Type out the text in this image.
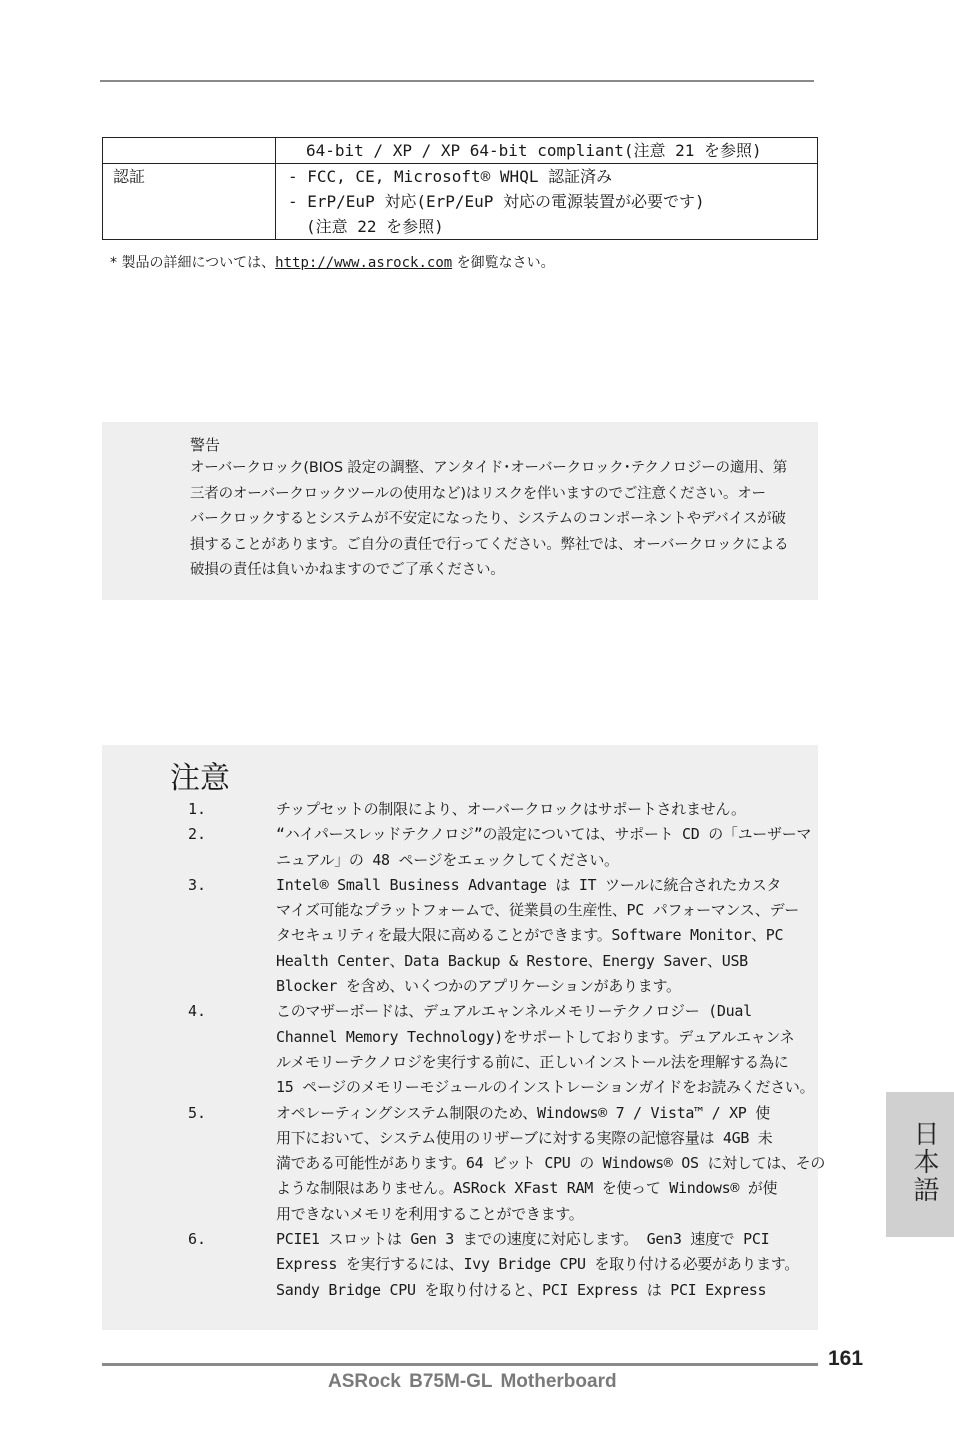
	64-bit / XP / XP 64-bit compliant(注意 21 を参照)

認証	- FCC, CE, Microsoft® WHQL 認証済み
- ErP/EuP 対応(ErP/EuP 対応の電源装置が必要です)
(注意 22 を参照)
* 製品の詳細については、http://www.asrock.com を御覧なさい。
警告
オーバークロック(BIOS 設定の調整、アンタイド･オーバークロック･テクノロジーの適用、第
三者のオーバークロックツールの使用など)はリスクを伴いますのでご注意ください。オー
バークロックするとシステムが不安定になったり、システムのコンポーネントやデバイスが破
損することがあります。ご自分の責任で行ってください。弊社では、オーバークロックによる
破損の責任は負いかねますのでご了承ください。
注意
1.	チップセットの制限により、オーバークロックはサポートされません。
2.	“ハイパースレッドテクノロジ”の設定については、サポート CD の「ユーザーマ
ニュアル」の 48 ページをエェックしてください。
3.	Intel® Small Business Advantage は IT ツールに統合されたカスタ
マイズ可能なプラットフォームで、従業員の生産性、PC パフォーマンス、デー
タセキュリティを最大限に高めることができます。Software Monitor、PC
Health Center、Data Backup & Restore、Energy Saver、USB
Blocker を含め、いくつかのアプリケーションがあります。
4.	このマザーボードは、デュアルエャンネルメモリーテクノロジー (Dual
Channel Memory Technology)をサポートしております。デュアルエャンネ
ルメモリーテクノロジを実行する前に、正しいインストール法を理解する為に
15 ページのメモリーモジュールのインストレーションガイドをお読みください。
5.	オペレーティングシステム制限のため、Windows® 7 / Vista™ / XP 使
用下において、システム使用のリザーブに対する実際の記憶容量は 4GB 未
満である可能性があります。64 ビット CPU の Windows® OS に対しては、その
ような制限はありません。ASRock XFast RAM を使って Windows® が使
用できないメモリを利用することができます。
6.	PCIE1 スロットは Gen 3 までの速度に対応します。 Gen3 速度で PCI
Express を実行するには、Ivy Bridge CPU を取り付ける必要があります。
Sandy Bridge CPU を取り付けると、PCI Express は PCI Express
日本語
161
ASRock B75M-GL Motherboard
